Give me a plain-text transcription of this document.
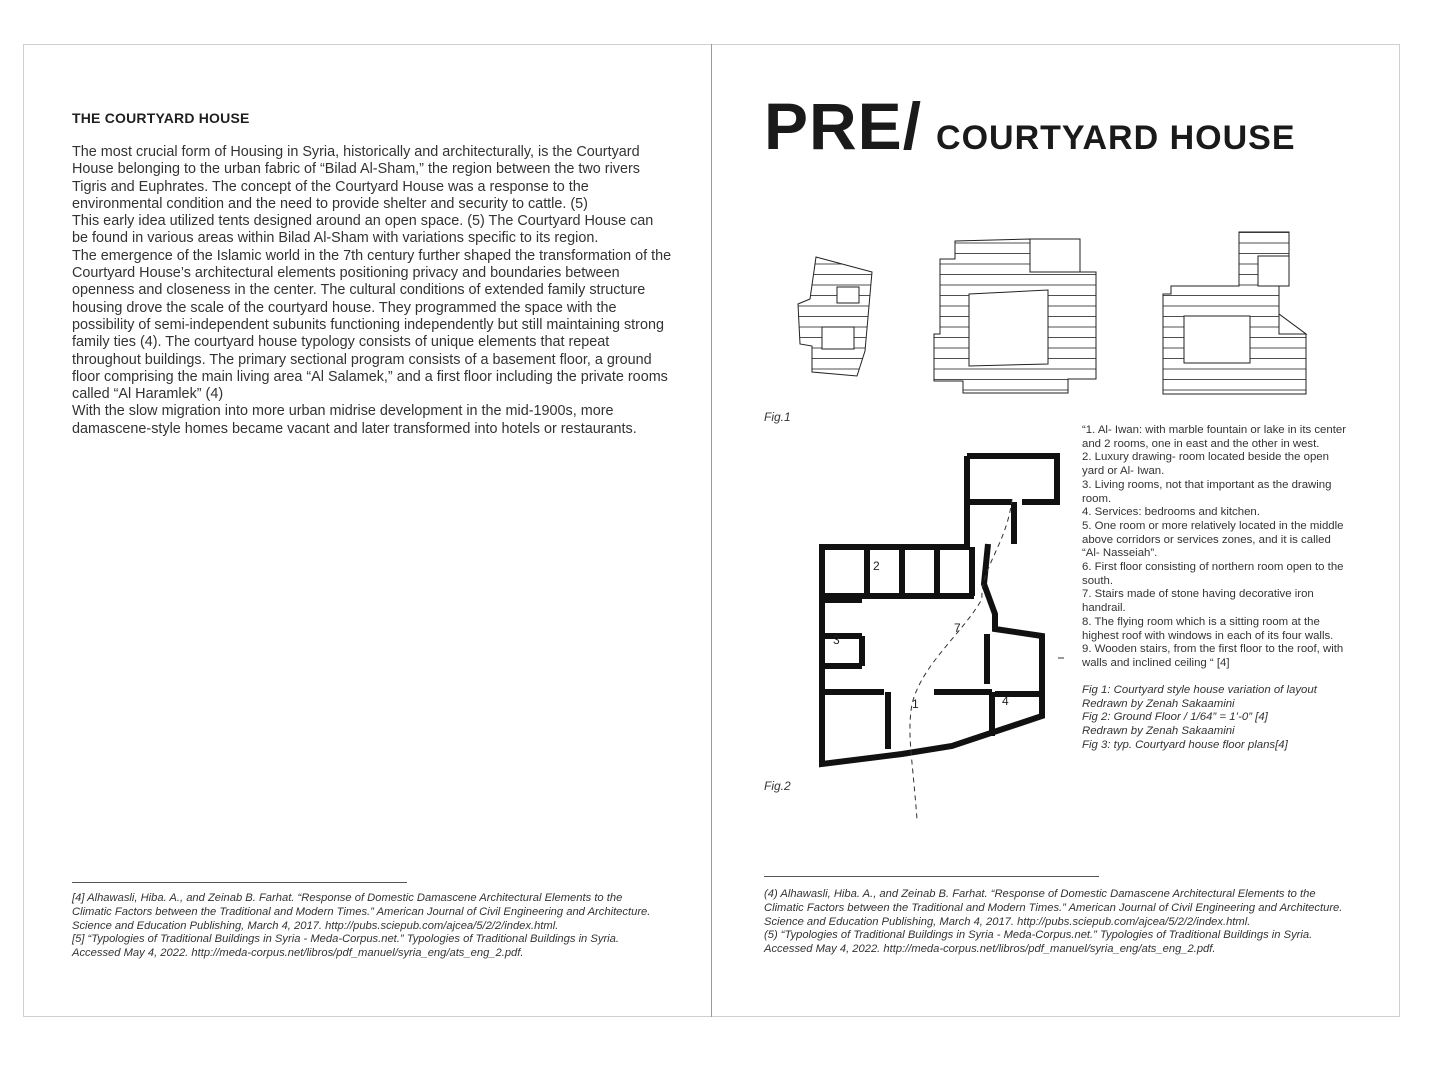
THE COURTYARD HOUSE

The most crucial form of Housing in Syria, historically and architecturally, is the Courtyard House belonging to the urban fabric of “Bilad Al-Sham,” the region between the two rivers Tigris and Euphrates. The concept of the Courtyard House was a response to the environmental condition and the need to provide shelter and security to cattle. (5)

This early idea utilized tents designed around an open space. (5) The Courtyard House can be found in various areas within Bilad Al-Sham with variations specific to its region.

The emergence of the Islamic world in the 7th century further shaped the transformation of the Courtyard House’s architectural elements positioning privacy and boundaries between openness and closeness in the center. The cultural conditions of extended family structure housing drove the scale of the courtyard house. They programmed the space with the possibility of semi-independent subunits functioning independently but still maintaining strong family ties (4). The courtyard house typology consists of unique elements that repeat throughout buildings. The primary sectional program consists of a basement floor, a ground floor comprising the main living area “Al Salamek,” and a first floor including the private rooms called “Al Haramlek” (4)

With the slow migration into more urban midrise development in the mid-1900s, more damascene-style homes became vacant and later transformed into hotels or restaurants.

[4] Alhawasli, Hiba. A., and Zeinab B. Farhat. “Response of Domestic Damascene Architectural Elements to the Climatic Factors between the Traditional and Modern Times.” American Journal of Civil Engineering and Architecture. Science and Education Publishing, March 4, 2017. http://pubs.sciepub.com/ajcea/5/2/2/index.html.

[5] “Typologies of Traditional Buildings in Syria - Meda-Corpus.net.” Typologies of Traditional Buildings in Syria. Accessed May 4, 2022. http://meda-corpus.net/libros/pdf_manuel/syria_eng/ats_eng_2.pdf.

PRE/ COURTYARD HOUSE
Fig.1
2
3
7
1	4
Fig.2

“1. Al- Iwan: with marble fountain or lake in its center and 2 rooms, one in east and the other in west.

2. Luxury drawing- room located beside the open yard or Al- Iwan.

3. Living rooms, not that important as the drawing room.

4. Services: bedrooms and kitchen.

5. One room or more relatively located in the middle above corridors or services zones, and it is called “Al- Nasseiah”.

6. First floor consisting of northern room open to the south.

7. Stairs made of stone having decorative iron handrail.

8. The flying room which is a sitting room at the highest roof with windows in each of its four walls.

9. Wooden stairs, from the first floor to the roof, with walls and inclined ceiling “ [4]

Fig 1: Courtyard style house variation of layout

Redrawn by Zenah Sakaamini

Fig 2: Ground Floor / 1/64” = 1’-0” [4]

Redrawn by Zenah Sakaamini

Fig 3: typ. Courtyard house floor plans[4]

(4) Alhawasli, Hiba. A., and Zeinab B. Farhat. “Response of Domestic Damascene Architectural Elements to the Climatic Factors between the Traditional and Modern Times.” American Journal of Civil Engineering and Architecture. Science and Education Publishing, March 4, 2017. http://pubs.sciepub.com/ajcea/5/2/2/index.html.

(5) “Typologies of Traditional Buildings in Syria - Meda-Corpus.net.” Typologies of Traditional Buildings in Syria. Accessed May 4, 2022. http://meda-corpus.net/libros/pdf_manuel/syria_eng/ats_eng_2.pdf.
